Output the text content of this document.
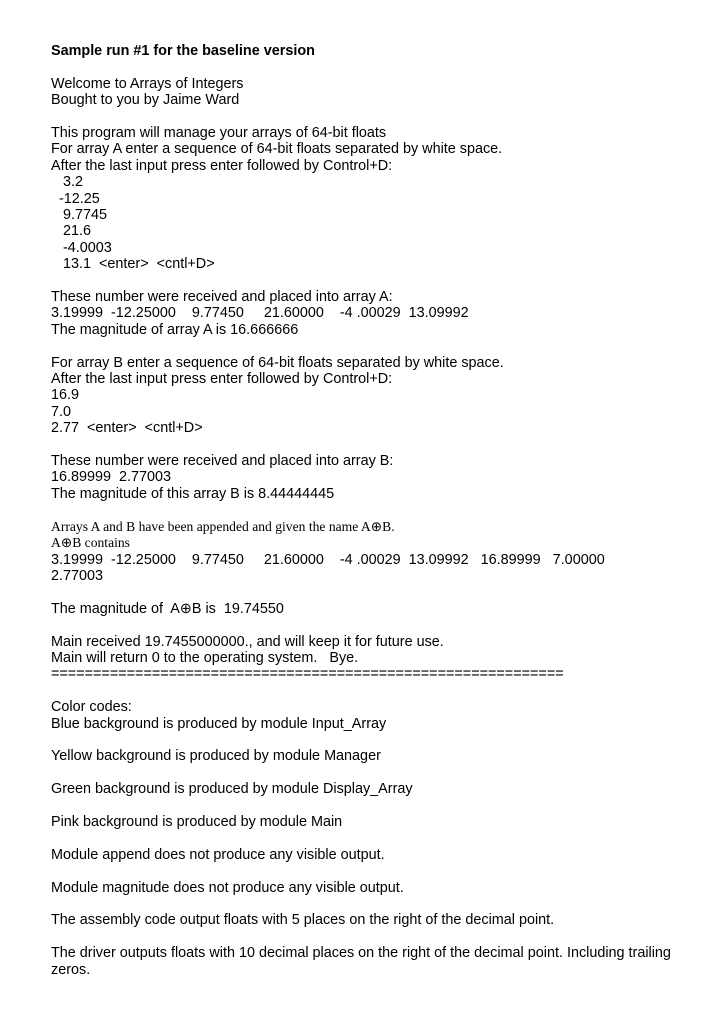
Sample run #1 for the baseline version
Welcome to Arrays of Integers
Bought to you by Jaime Ward
This program will manage your arrays of 64-bit floats
For array A enter a sequence of 64-bit floats separated by white space.
After the last input press enter followed by Control+D:
3.2
-12.25
9.7745
21.6
-4.0003
13.1  <enter>  <cntl+D>
These number were received and placed into array A:
3.19999  -12.25000    9.77450     21.60000    -4 .00029  13.09992
The magnitude of array A is 16.666666
For array B enter a sequence of 64-bit floats separated by white space.
After the last input press enter followed by Control+D:
16.9
7.0
2.77  <enter>  <cntl+D>
These number were received and placed into array B:
16.89999  2.77003
The magnitude of this array B is 8.44444445
Arrays A and B have been appended and given the name A⊕B.
A⊕B contains
3.19999  -12.25000    9.77450     21.60000    -4 .00029  13.09992   16.89999   7.00000
2.77003
The magnitude of  A⊕B is  19.74550
Main received 19.7455000000., and will keep it for future use.
Main will return 0 to the operating system.   Bye.
=============================================================
Color codes:
Blue background is produced by module Input_Array
Yellow background is produced by module Manager
Green background is produced by module Display_Array
Pink background is produced by module Main
Module append does not produce any visible output.
Module magnitude does not produce any visible output.
The assembly code output floats with 5 places on the right of the decimal point.
The driver outputs floats with 10 decimal places on the right of the decimal point. Including trailing zeros.
